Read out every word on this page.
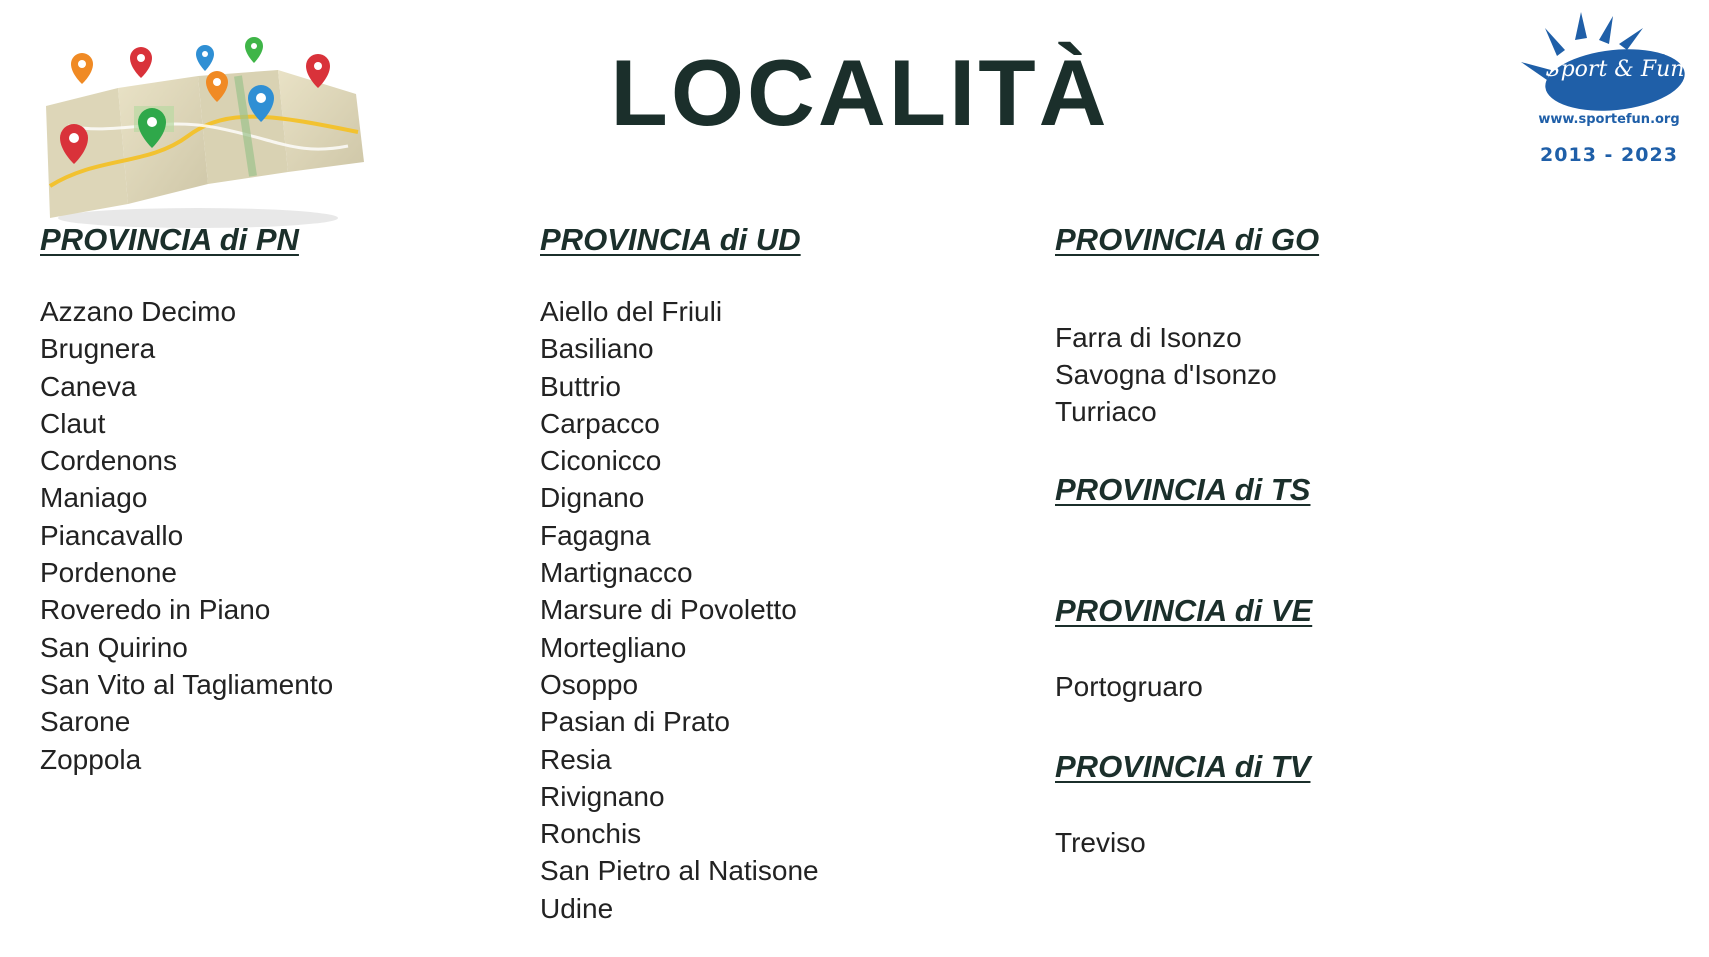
LOCALITÀ	Sport & Fun
www.sportefun.org
2013 - 2023
PROVINCIA di PN
Azzano Decimo
Brugnera
Caneva
Claut
Cordenons
Maniago
Piancavallo
Pordenone
Roveredo in Piano
San Quirino
San Vito al Tagliamento
Sarone
Zoppola
PROVINCIA di UD
Aiello del Friuli
Basiliano
Buttrio
Carpacco
Ciconicco
Dignano
Fagagna
Martignacco
Marsure di Povoletto
Mortegliano
Osoppo
Pasian di Prato
Resia
Rivignano
Ronchis
San Pietro al Natisone
Udine
PROVINCIA di GO
Farra di Isonzo
Savogna d'Isonzo
Turriaco
PROVINCIA di TS
PROVINCIA di VE
Portogruaro
PROVINCIA di TV
Treviso
